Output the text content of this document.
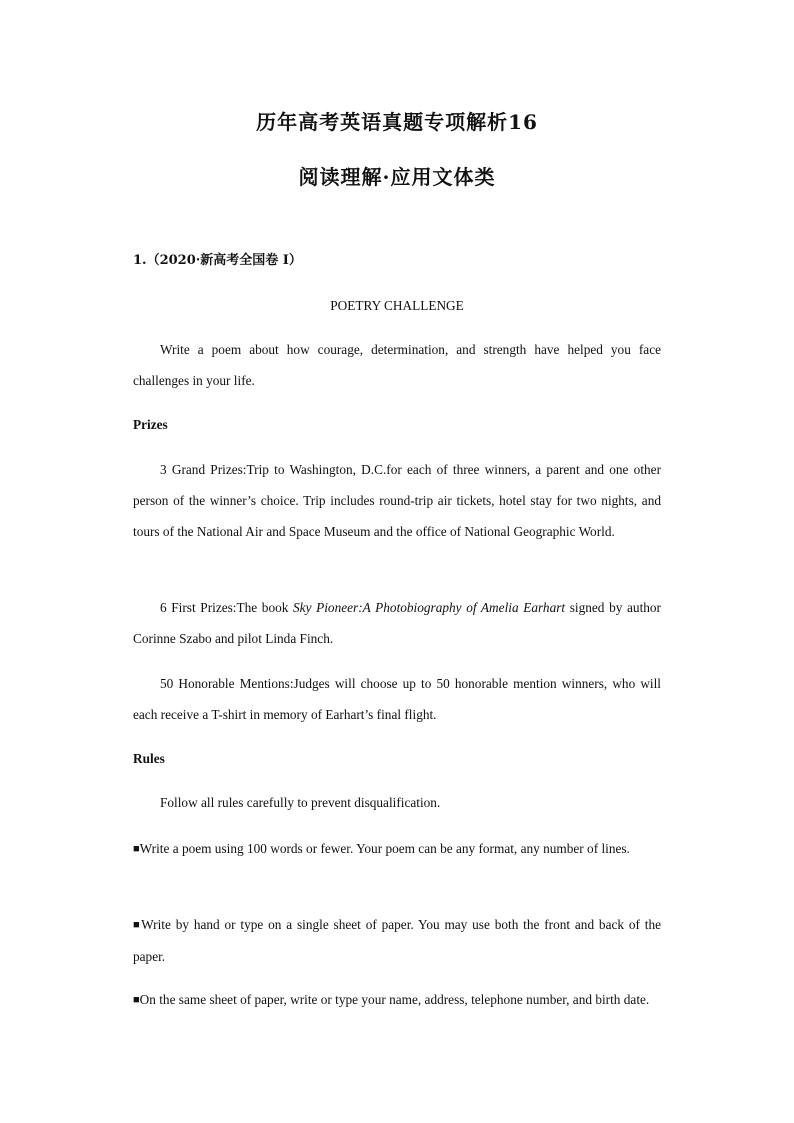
历年高考英语真题专项解析16
阅读理解·应用文体类
1.（2020·新高考全国卷 I）
POETRY CHALLENGE

Write a poem about how courage, determination, and strength have helped you face challenges in your life.

Prizes

3 Grand Prizes:Trip to Washington, D.C.for each of three winners, a parent and one other person of the winner’s choice. Trip includes round-trip air tickets, hotel stay for two nights, and tours of the National Air and Space Museum and the office of National Geographic World.

6 First Prizes:The book Sky Pioneer:A Photobiography of Amelia Earhart signed by author Corinne Szabo and pilot Linda Finch.

50 Honorable Mentions:Judges will choose up to 50 honorable mention winners, who will each receive a T-shirt in memory of Earhart’s final flight.

Rules

Follow all rules carefully to prevent disqualification.

■Write a poem using 100 words or fewer. Your poem can be any format, any number of lines.

■Write by hand or type on a single sheet of paper. You may use both the front and back of the paper.

■On the same sheet of paper, write or type your name, address, telephone number, and birth date.
